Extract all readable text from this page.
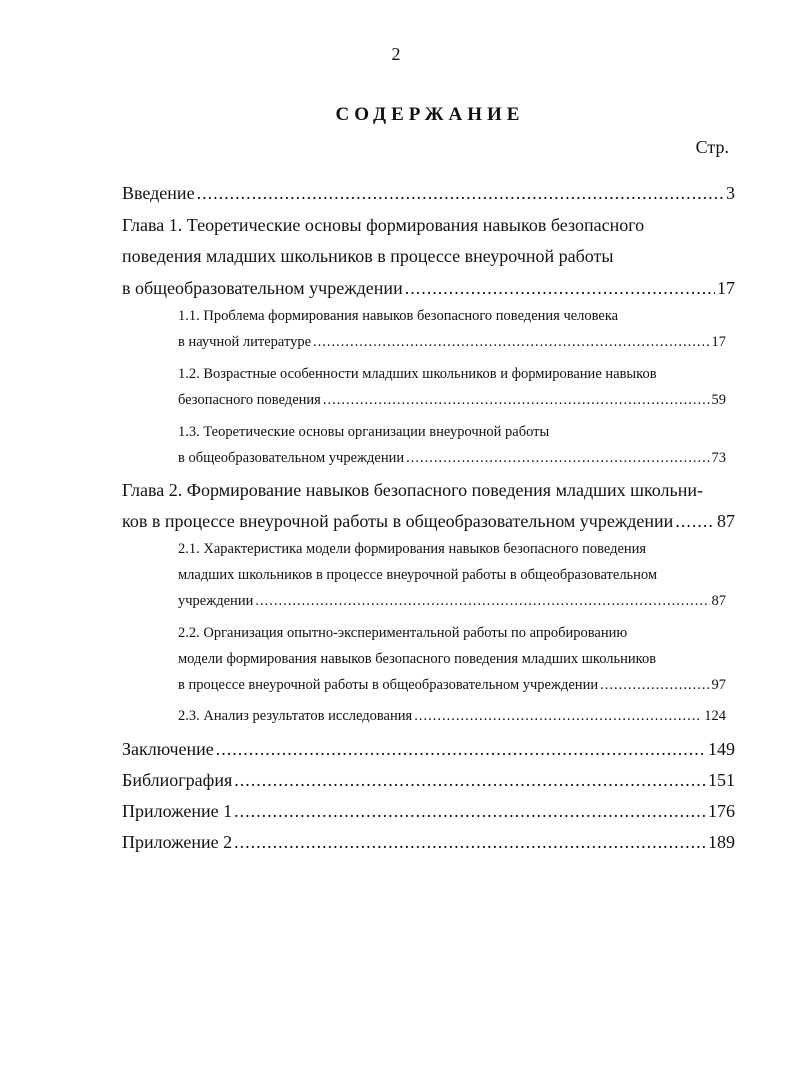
2
СОДЕРЖАНИЕ
Стр.
Введение .....	3
Глава 1. Теоретические основы формирования навыков безопасного
поведения младших школьников в процессе внеурочной работы
в общеобразовательном учреждении .....	17
1.1. Проблема формирования навыков безопасного поведения человека
в научной литературе .....	17
1.2. Возрастные особенности младших школьников и формирование навыков
безопасного поведения .....	59
1.3. Теоретические основы организации внеурочной работы
в общеобразовательном учреждении .....	73
Глава 2. Формирование навыков безопасного поведения младших школьни-
ков в процессе внеурочной работы в общеобразовательном учреждении ..... 87
2.1. Характеристика модели формирования навыков безопасного поведения
младших школьников в процессе внеурочной работы в общеобразовательном
учреждении .....	87
2.2. Организация опытно-экспериментальной работы по апробированию
модели формирования навыков безопасного поведения младших школьников
в процессе внеурочной работы в общеобразовательном учреждении .....	97
2.3. Анализ результатов исследования .....	124
Заключение .....	149
Библиография .....	151
Приложение 1 .....	176
Приложение 2 .....	189
